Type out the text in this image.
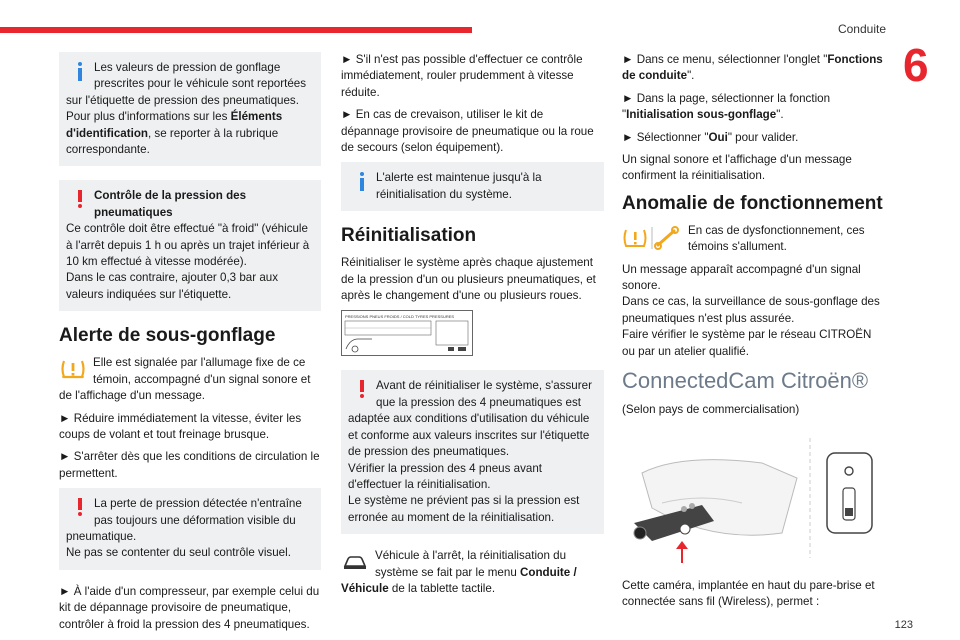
Conduite
6
Les valeurs de pression de gonflage prescrites pour le véhicule sont reportées sur l'étiquette de pression des pneumatiques. Pour plus d'informations sur les Éléments d'identification, se reporter à la rubrique correspondante.
Contrôle de la pression des pneumatiques
Ce contrôle doit être effectué "à froid" (véhicule à l'arrêt depuis 1 h ou après un trajet inférieur à 10 km effectué à vitesse modérée).
Dans le cas contraire, ajouter 0,3 bar aux valeurs indiquées sur l'étiquette.
Alerte de sous-gonflage

Elle est signalée par l'allumage fixe de ce témoin, accompagné d'un signal sonore et de l'affichage d'un message.

► Réduire immédiatement la vitesse, éviter les coups de volant et tout freinage brusque.

► S'arrêter dès que les conditions de circulation le permettent.

La perte de pression détectée n'entraîne pas toujours une déformation visible du pneumatique.
Ne pas se contenter du seul contrôle visuel.

► À l'aide d'un compresseur, par exemple celui du kit de dépannage provisoire de pneumatique, contrôler à froid la pression des 4 pneumatiques.

► S'il n'est pas possible d'effectuer ce contrôle immédiatement, rouler prudemment à vitesse réduite.

► En cas de crevaison, utiliser le kit de dépannage provisoire de pneumatique ou la roue de secours (selon équipement).

L'alerte est maintenue jusqu'à la réinitialisation du système.
Réinitialisation

Réinitialiser le système après chaque ajustement de la pression d'un ou plusieurs pneumatiques, et après le changement d'une ou plusieurs roues.

PRESSIONS PNEUS FROIDS / COLD TYRES PRESSURES
Avant de réinitialiser le système, s'assurer que la pression des 4 pneumatiques est adaptée aux conditions d'utilisation du véhicule et conforme aux valeurs inscrites sur l'étiquette de pression des pneumatiques.
Vérifier la pression des 4 pneus avant d'effectuer la réinitialisation.
Le système ne prévient pas si la pression est erronée au moment de la réinitialisation.

Véhicule à l'arrêt, la réinitialisation du système se fait par le menu Conduite / Véhicule de la tablette tactile.

► Dans ce menu, sélectionner l'onglet "Fonctions de conduite".

► Dans la page, sélectionner la fonction "Initialisation sous-gonflage".

► Sélectionner "Oui" pour valider.

Un signal sonore et l'affichage d'un message confirment la réinitialisation.

Anomalie de fonctionnement

En cas de dysfonctionnement, ces témoins s'allument.

Un message apparaît accompagné d'un signal sonore.

Dans ce cas, la surveillance de sous-gonflage des pneumatiques n'est plus assurée.

Faire vérifier le système par le réseau CITROËN ou par un atelier qualifié.

ConnectedCam Citroën®

(Selon pays de commercialisation)

Cette caméra, implantée en haut du pare-brise et connectée sans fil (Wireless), permet :

123
